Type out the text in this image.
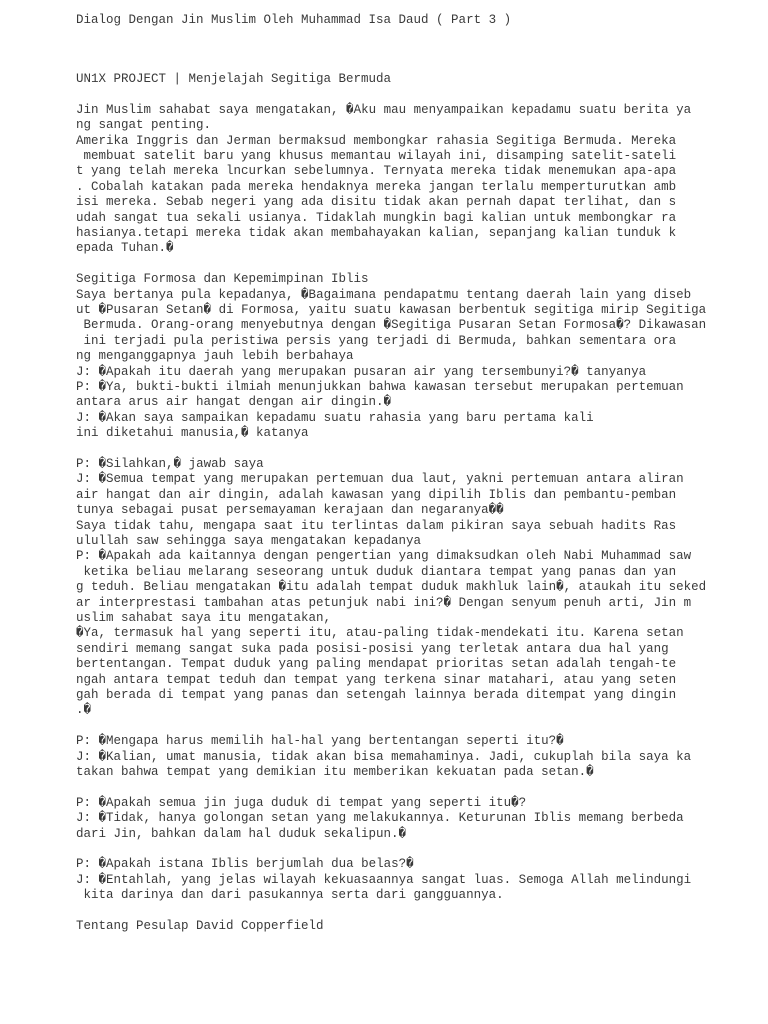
Dialog Dengan Jin Muslim Oleh Muhammad Isa Daud ( Part 3 )

UN1X PROJECT | Menjelajah Segitiga Bermuda

Jin Muslim sahabat saya mengatakan, �Aku mau menyampaikan kepadamu suatu berita ya

ng sangat penting.

Amerika Inggris dan Jerman bermaksud membongkar rahasia Segitiga Bermuda. Mereka

membuat satelit baru yang khusus memantau wilayah ini, disamping satelit-sateli

t yang telah mereka lncurkan sebelumnya. Ternyata mereka tidak menemukan apa-apa

. Cobalah katakan pada mereka hendaknya mereka jangan terlalu memperturutkan amb

isi mereka. Sebab negeri yang ada disitu tidak akan pernah dapat terlihat, dan s

udah sangat tua sekali usianya. Tidaklah mungkin bagi kalian untuk membongkar ra

hasianya.tetapi mereka tidak akan membahayakan kalian, sepanjang kalian tunduk k

epada Tuhan.�

Segitiga Formosa dan Kepemimpinan Iblis

Saya bertanya pula kepadanya, �Bagaimana pendapatmu tentang daerah lain yang diseb

ut �Pusaran Setan� di Formosa, yaitu suatu kawasan berbentuk segitiga mirip Segitiga

Bermuda. Orang-orang menyebutnya dengan �Segitiga Pusaran Setan Formosa�? Dikawasan

ini terjadi pula peristiwa persis yang terjadi di Bermuda, bahkan sementara ora

ng menganggapnya jauh lebih berbahaya

J: �Apakah itu daerah yang merupakan pusaran air yang tersembunyi?� tanyanya

P: �Ya, bukti-bukti ilmiah menunjukkan bahwa kawasan tersebut merupakan pertemuan

antara arus air hangat dengan air dingin.�

J: �Akan saya sampaikan kepadamu suatu rahasia yang baru pertama kali

ini diketahui manusia,� katanya

P: �Silahkan,� jawab saya

J: �Semua tempat yang merupakan pertemuan dua laut, yakni pertemuan antara aliran

air hangat dan air dingin, adalah kawasan yang dipilih Iblis dan pembantu-pemban

tunya sebagai pusat persemayaman kerajaan dan negaranya��

Saya tidak tahu, mengapa saat itu terlintas dalam pikiran saya sebuah hadits Ras

ulullah saw sehingga saya mengatakan kepadanya

P: �Apakah ada kaitannya dengan pengertian yang dimaksudkan oleh Nabi Muhammad saw

ketika beliau melarang seseorang untuk duduk diantara tempat yang panas dan yan

g teduh. Beliau mengatakan �itu adalah tempat duduk makhluk lain�, ataukah itu seked

ar interprestasi tambahan atas petunjuk nabi ini?� Dengan senyum penuh arti, Jin m

uslim sahabat saya itu mengatakan,

�Ya, termasuk hal yang seperti itu, atau-paling tidak-mendekati itu. Karena setan

sendiri memang sangat suka pada posisi-posisi yang terletak antara dua hal yang

bertentangan. Tempat duduk yang paling mendapat prioritas setan adalah tengah-te

ngah antara tempat teduh dan tempat yang terkena sinar matahari, atau yang seten

gah berada di tempat yang panas dan setengah lainnya berada ditempat yang dingin

.�

P: �Mengapa harus memilih hal-hal yang bertentangan seperti itu?�

J: �Kalian, umat manusia, tidak akan bisa memahaminya. Jadi, cukuplah bila saya ka

takan bahwa tempat yang demikian itu memberikan kekuatan pada setan.�

P: �Apakah semua jin juga duduk di tempat yang seperti itu�?

J: �Tidak, hanya golongan setan yang melakukannya. Keturunan Iblis memang berbeda

dari Jin, bahkan dalam hal duduk sekalipun.�

P: �Apakah istana Iblis berjumlah dua belas?�

J: �Entahlah, yang jelas wilayah kekuasaannya sangat luas. Semoga Allah melindungi

kita darinya dan dari pasukannya serta dari gangguannya.

Tentang Pesulap David Copperfield
